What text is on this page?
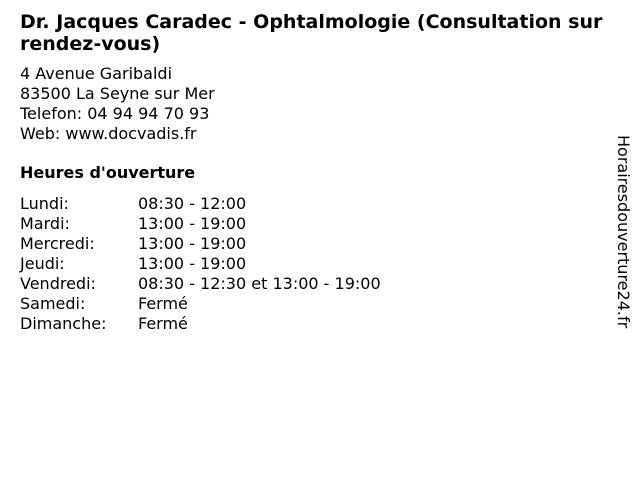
Dr. Jacques Caradec - Ophtalmologie (Consultation sur rendez-vous)
4 Avenue Garibaldi
83500 La Seyne sur Mer
Telefon: 04 94 94 70 93
Web: www.docvadis.fr
Heures d'ouverture
Lundi:	08:30 - 12:00
Mardi:	13:00 - 19:00
Mercredi:	13:00 - 19:00
Jeudi:	13:00 - 19:00
Vendredi:	08:30 - 12:30 et 13:00 - 19:00
Samedi:	Fermé
Dimanche:	Fermé	Horairesdouverture24.fr
